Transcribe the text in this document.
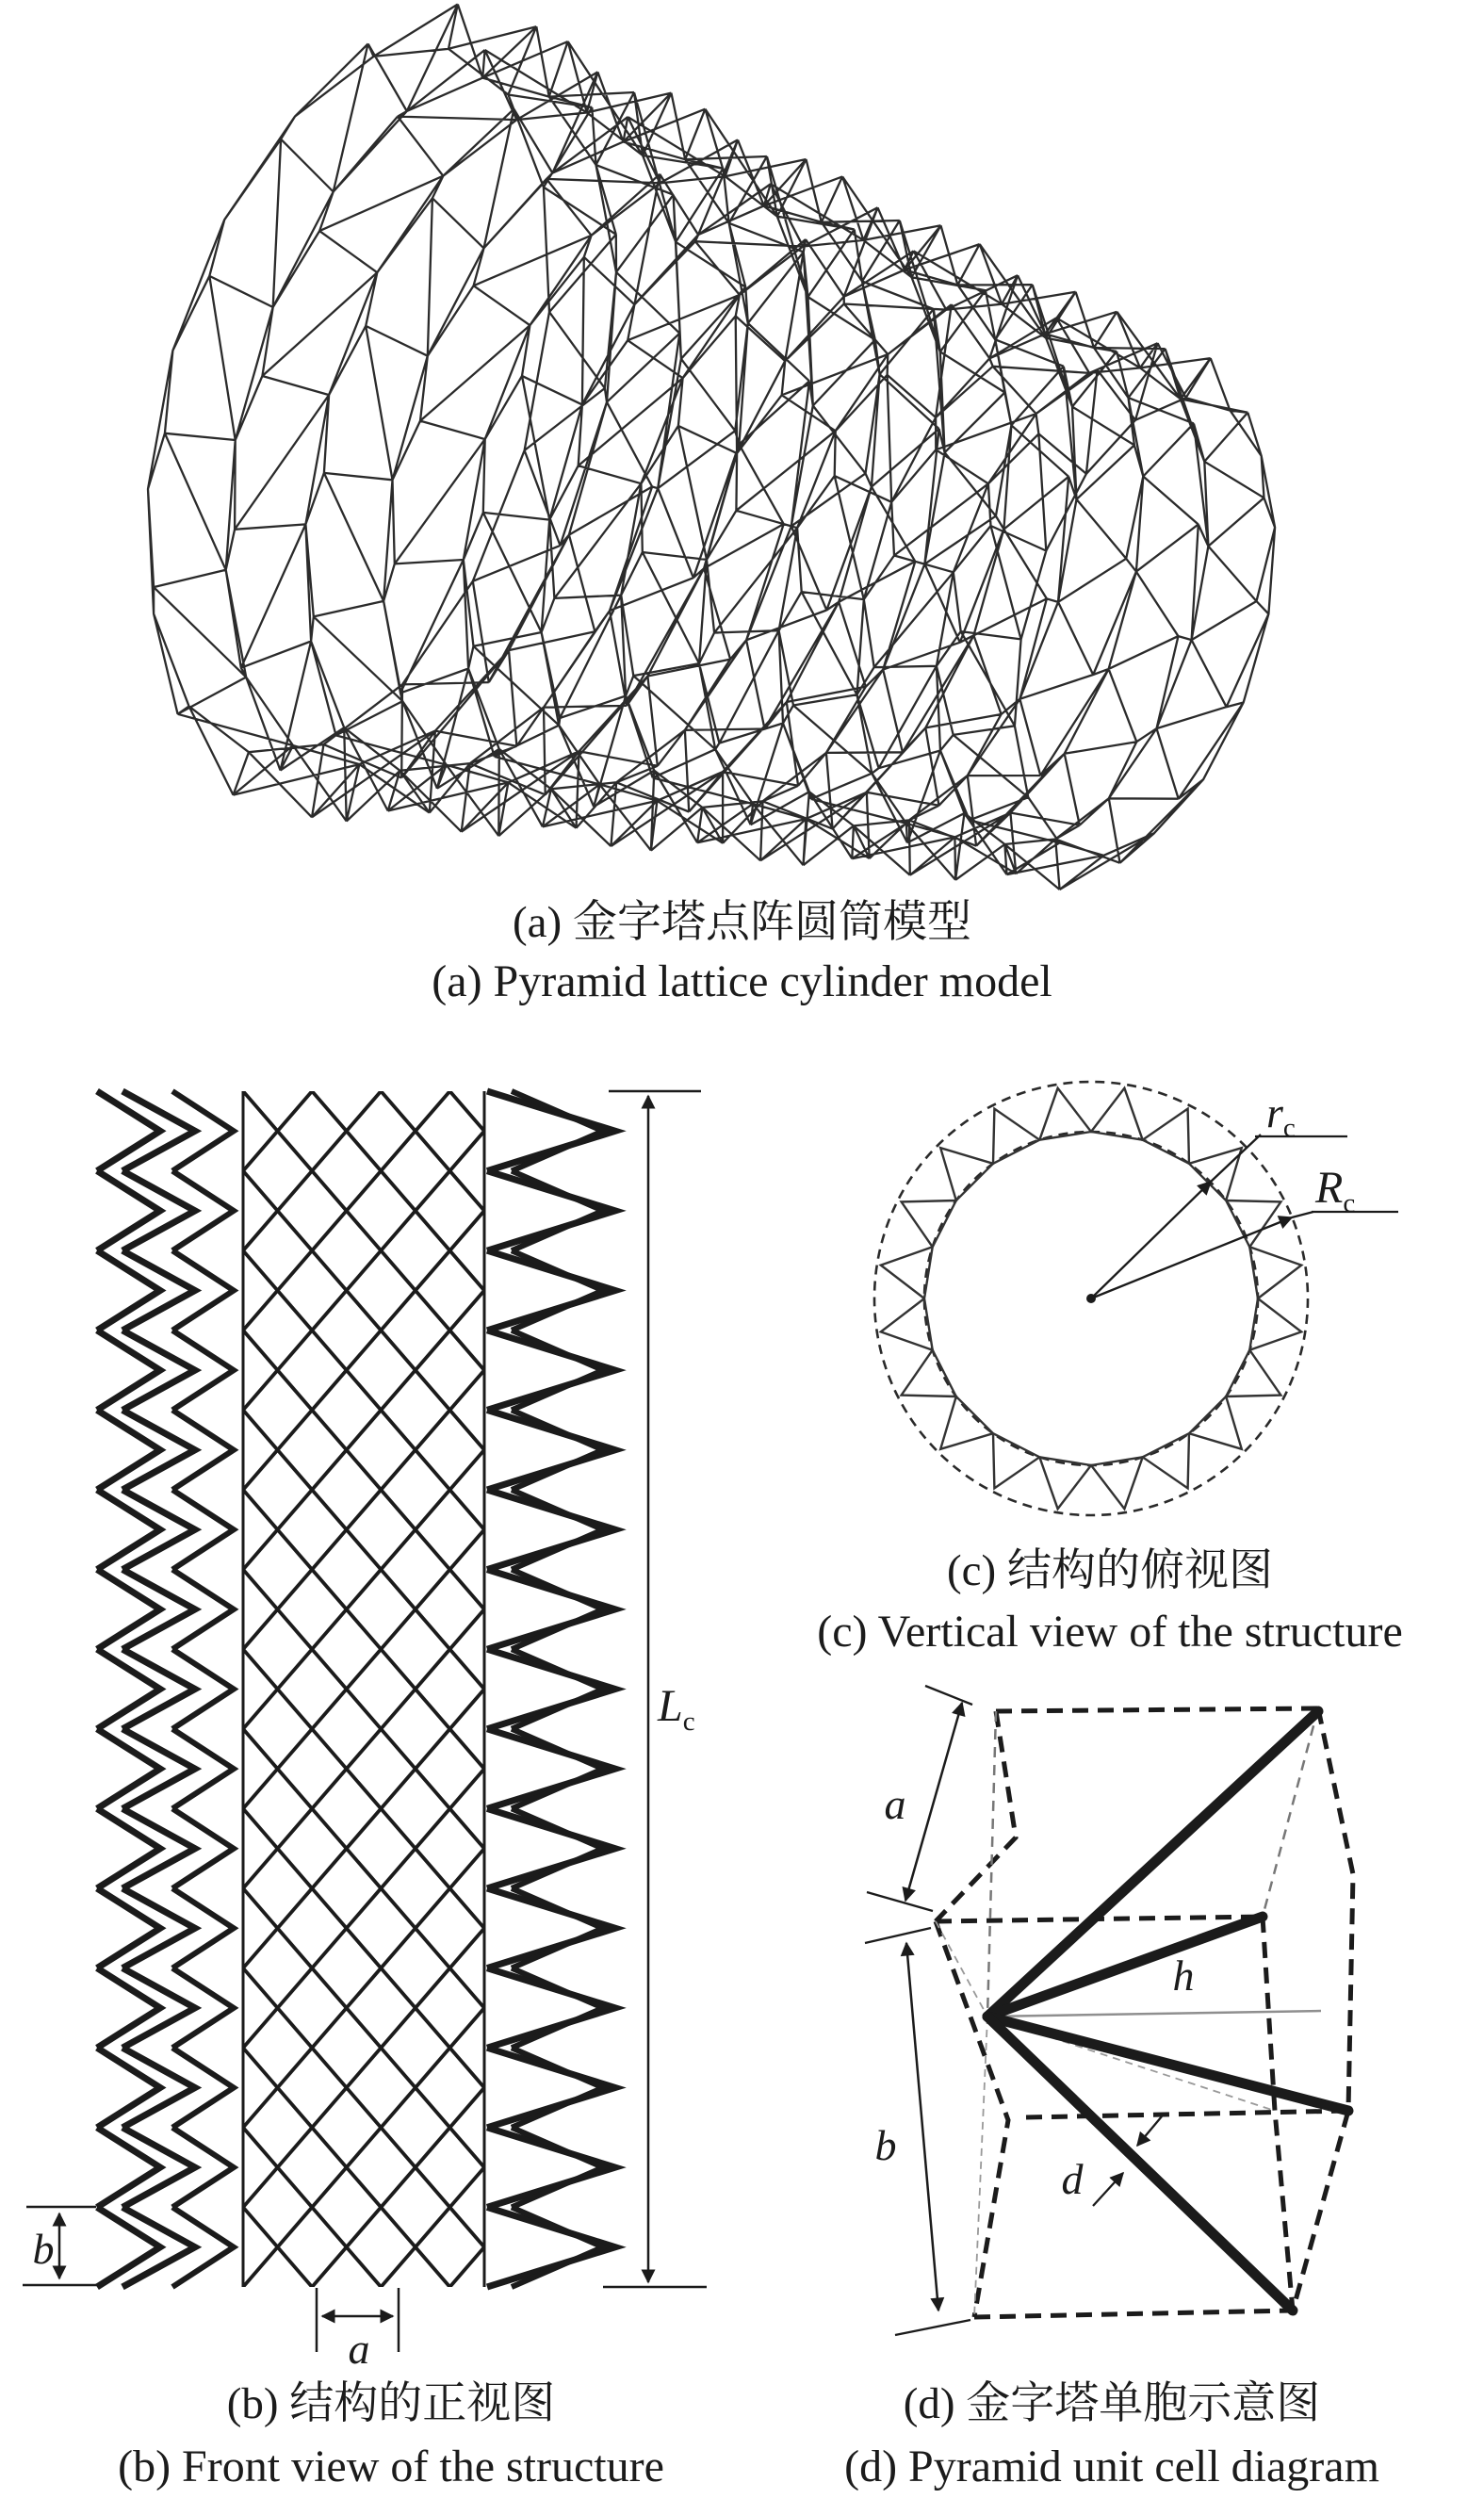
$L_c$
b
a
$r_c$
$R_c$
a
b
h
d
(a) 金字塔点阵圆筒模型
(a) Pyramid lattice cylinder model
(c) 结构的俯视图
(c) Vertical view of the structure
(b) 结构的正视图
(b) Front view of the structure
(d) 金字塔单胞示意图
(d) Pyramid unit cell diagram
